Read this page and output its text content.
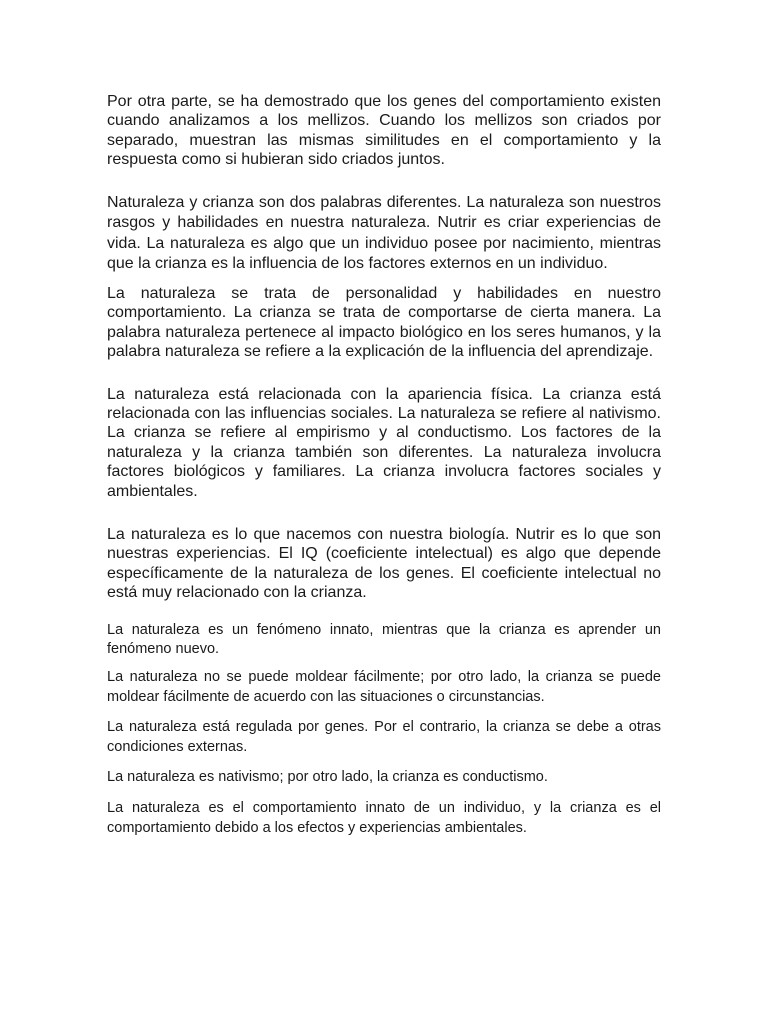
Por otra parte, se ha demostrado que los genes del comportamiento existen cuando analizamos a los mellizos. Cuando los mellizos son criados por separado, muestran las mismas similitudes en el comportamiento y la respuesta como si hubieran sido criados juntos.

Naturaleza y crianza son dos palabras diferentes. La naturaleza son nuestros rasgos y habilidades en nuestra naturaleza. Nutrir es criar experiencias de vida. La naturaleza es algo que un individuo posee por nacimiento, mientras que la crianza es la influencia de los factores externos en un individuo.

La naturaleza se trata de personalidad y habilidades en nuestro comportamiento. La crianza se trata de comportarse de cierta manera. La palabra naturaleza pertenece al impacto biológico en los seres humanos, y la palabra naturaleza se refiere a la explicación de la influencia del aprendizaje.

La naturaleza está relacionada con la apariencia física. La crianza está relacionada con las influencias sociales. La naturaleza se refiere al nativismo. La crianza se refiere al empirismo y al conductismo. Los factores de la naturaleza y la crianza también son diferentes. La naturaleza involucra factores biológicos y familiares. La crianza involucra factores sociales y ambientales.

La naturaleza es lo que nacemos con nuestra biología. Nutrir es lo que son nuestras experiencias. El IQ (coeficiente intelectual) es algo que depende específicamente de la naturaleza de los genes. El coeficiente intelectual no está muy relacionado con la crianza.

La naturaleza es un fenómeno innato, mientras que la crianza es aprender un fenómeno nuevo.

La naturaleza no se puede moldear fácilmente; por otro lado, la crianza se puede moldear fácilmente de acuerdo con las situaciones o circunstancias.

La naturaleza está regulada por genes. Por el contrario, la crianza se debe a otras condiciones externas.

La naturaleza es nativismo; por otro lado, la crianza es conductismo.

La naturaleza es el comportamiento innato de un individuo, y la crianza es el comportamiento debido a los efectos y experiencias ambientales.
